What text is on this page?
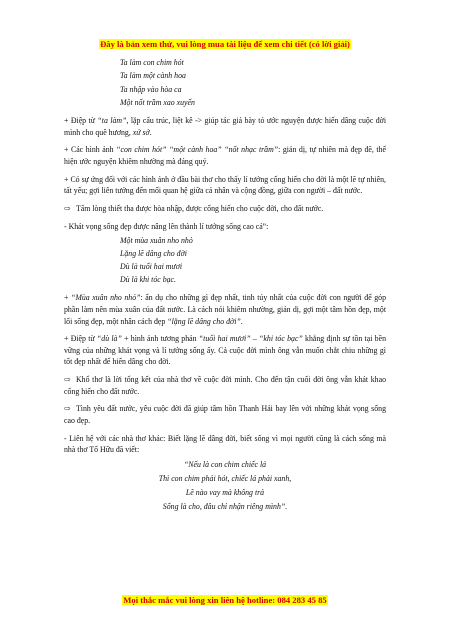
Đây là bản xem thử, vui lòng mua tài liệu để xem chi tiết (có lời giải)

Ta làm con chim hót

Ta làm một cành hoa

Ta nhập vào hòa ca

Một nốt trầm xao xuyến

+ Điệp từ “ta làm”, lặp cấu trúc, liệt kê -> giúp tác giả bày tỏ ước nguyện được hiến dâng cuộc đời mình cho quê hương, xứ sở.

+ Các hình ảnh “con chim hót” “một cành hoa” “nốt nhạc trầm”: giản dị, tự nhiên mà đẹp đẽ, thể hiện ước nguyện khiêm nhường mà đáng quý.

+ Có sự ứng đối với các hình ảnh ở đầu bài thơ cho thấy lí tưởng cống hiến cho đời là một lẽ tự nhiên, tất yếu; gợi liên tưởng đến mối quan hệ giữa cá nhân và cộng đồng, giữa con người – đất nước.

⇨ Tấm lòng thiết tha được hòa nhập, được cống hiến cho cuộc đời, cho đất nước.

- Khát vọng sống đẹp được nâng lên thành lí tưởng sống cao cả”:

Một mùa xuân nho nhỏ

Lặng lẽ dâng cho đời

Dù là tuổi hai mươi

Dù là khi tóc bạc.

+ “Mùa xuân nho nhỏ”: ẩn dụ cho những gì đẹp nhất, tinh túy nhất của cuộc đời con người để góp phần làm nên mùa xuân của đất nước. Là cách nói khiêm nhường, giản dị, gợi một tâm hồn đẹp, một lối sống đẹp, một nhân cách đẹp “lặng lẽ dâng cho đời”.

+ Điệp từ “dù là” + hình ảnh tương phản “tuổi hai mươi” – “khi tóc bạc” khẳng định sự tồn tại bền vững của những khát vọng và lí tưởng sống ấy. Cả cuộc đời mình ông vẫn muốn chắt chiu những gì tốt đẹp nhất để hiến dâng cho đời.

⇨ Khổ thơ là lời tổng kết của nhà thơ về cuộc đời mình. Cho đến tận cuối đời ông vẫn khát khao cống hiến cho đất nước.

⇨ Tình yêu đất nước, yêu cuộc đời đã giúp tâm hồn Thanh Hải bay lên với những khát vọng sống cao đẹp.

- Liên hệ với các nhà thơ khác: Biết lặng lẽ dâng đời, biết sống vì mọi người cũng là cách sống mà nhà thơ Tố Hữu đã viết:

“Nếu là con chim chiếc lá

Thì con chim phải hót, chiếc lá phải xanh,

Lẽ nào vay mà không trả

Sống là cho, đâu chỉ nhận riêng mình”.

Mọi thắc mắc vui lòng xin liên hệ hotline: 084 283 45 85
